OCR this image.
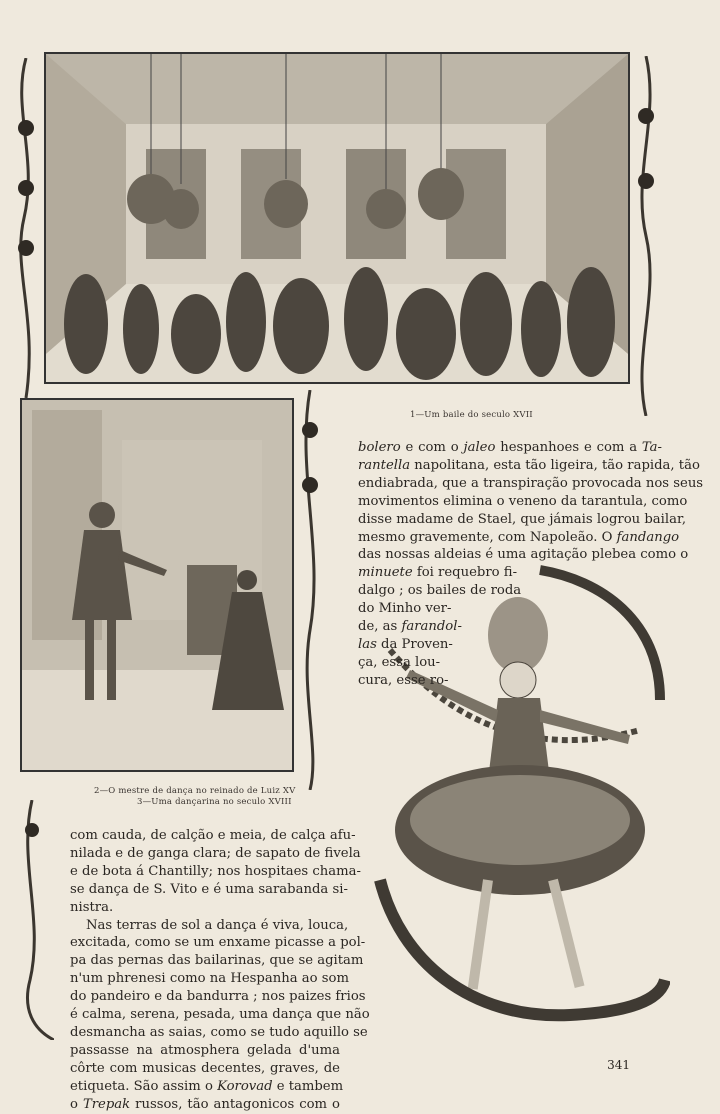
1—Um baile do seculo XVII
2—O mestre de dança no reinado de Luiz XV
3—Uma dançarina no seculo XVIII
bolero e com o jaleo hespanhoes e com a Ta-
rantella napolitana, esta tão ligeira, tão rapida, tão
endiabrada, que a transpiração provocada nos seus
movimentos elimina o veneno da tarantula, como
disse madame de Stael, que jámais logrou bailar,
mesmo gravemente, com Napoleão. O fandango
das nossas aldeias é uma agitação plebea como o
minuete foi requebro fi-
dalgo ; os bailes de roda
do Minho ver-
de, as farandol-
las da Proven-
ça, essa lou-
cura, esse ro-
com cauda, de calção e meia, de calça afu-
nilada e de ganga clara; de sapato de fivela
e de bota á Chantilly; nos hospitaes chama-
se dança de S. Vito e é uma sarabanda si-
nistra.
Nas terras de sol a dança é viva, louca,
excitada, como se um enxame picasse a pol-
pa das pernas das bailarinas, que se agitam
n'um phrenesi como na Hespanha ao som
do pandeiro e da bandurra ; nos paizes frios
é calma, serena, pesada, uma dança que não
desmancha as saias, como se tudo aquillo se
passasse na atmosphera gelada d'uma
côrte com musicas decentes, graves, de
etiqueta. São assim o Korovad e tambem
o Trepak russos, tão antagonicos com o
341
